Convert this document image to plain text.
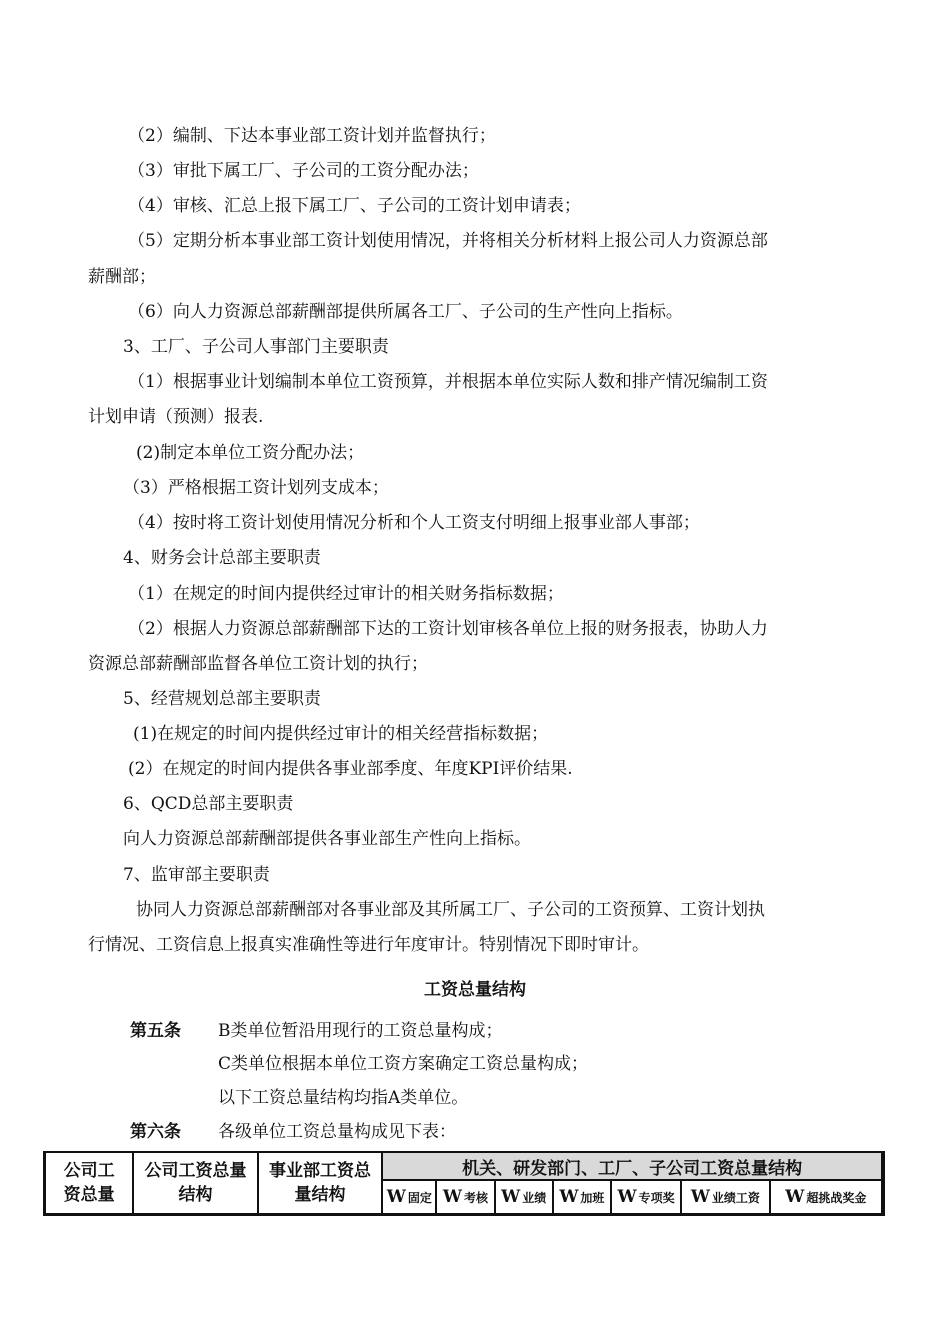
（2）编制、下达本事业部工资计划并监督执行；
（3）审批下属工厂、子公司的工资分配办法；
（4）审核、汇总上报下属工厂、子公司的工资计划申请表；
（5）定期分析本事业部工资计划使用情况，并将相关分析材料上报公司人力资源总部
薪酬部；
（6）向人力资源总部薪酬部提供所属各工厂、子公司的生产性向上指标。
3、工厂、子公司人事部门主要职责
（1）根据事业计划编制本单位工资预算，并根据本单位实际人数和排产情况编制工资
计划申请（预测）报表.
(2)制定本单位工资分配办法；
（3）严格根据工资计划列支成本；
（4）按时将工资计划使用情况分析和个人工资支付明细上报事业部人事部；
4、财务会计总部主要职责
（1）在规定的时间内提供经过审计的相关财务指标数据；
（2）根据人力资源总部薪酬部下达的工资计划审核各单位上报的财务报表，协助人力
资源总部薪酬部监督各单位工资计划的执行；
5、经营规划总部主要职责
(1)在规定的时间内提供经过审计的相关经营指标数据；
(2）在规定的时间内提供各事业部季度、年度KPI评价结果.
6、QCD总部主要职责
向人力资源总部薪酬部提供各事业部生产性向上指标。
7、监审部主要职责
协同人力资源总部薪酬部对各事业部及其所属工厂、子公司的工资预算、工资计划执
行情况、工资信息上报真实准确性等进行年度审计。特别情况下即时审计。
工资总量结构
第五条 B类单位暂沿用现行的工资总量构成；
C类单位根据本单位工资方案确定工资总量构成；
以下工资总量结构均指A类单位。
第六条 各级单位工资总量构成见下表：
公司工资总量	公司工资总量结构	事业部工资总量结构	机关、研发部门、工厂、子公司工资总量结构						
			W 固定	W 考核	W 业绩	W 加班	W 专项奖	W 业绩工资	W 超挑战奖金
